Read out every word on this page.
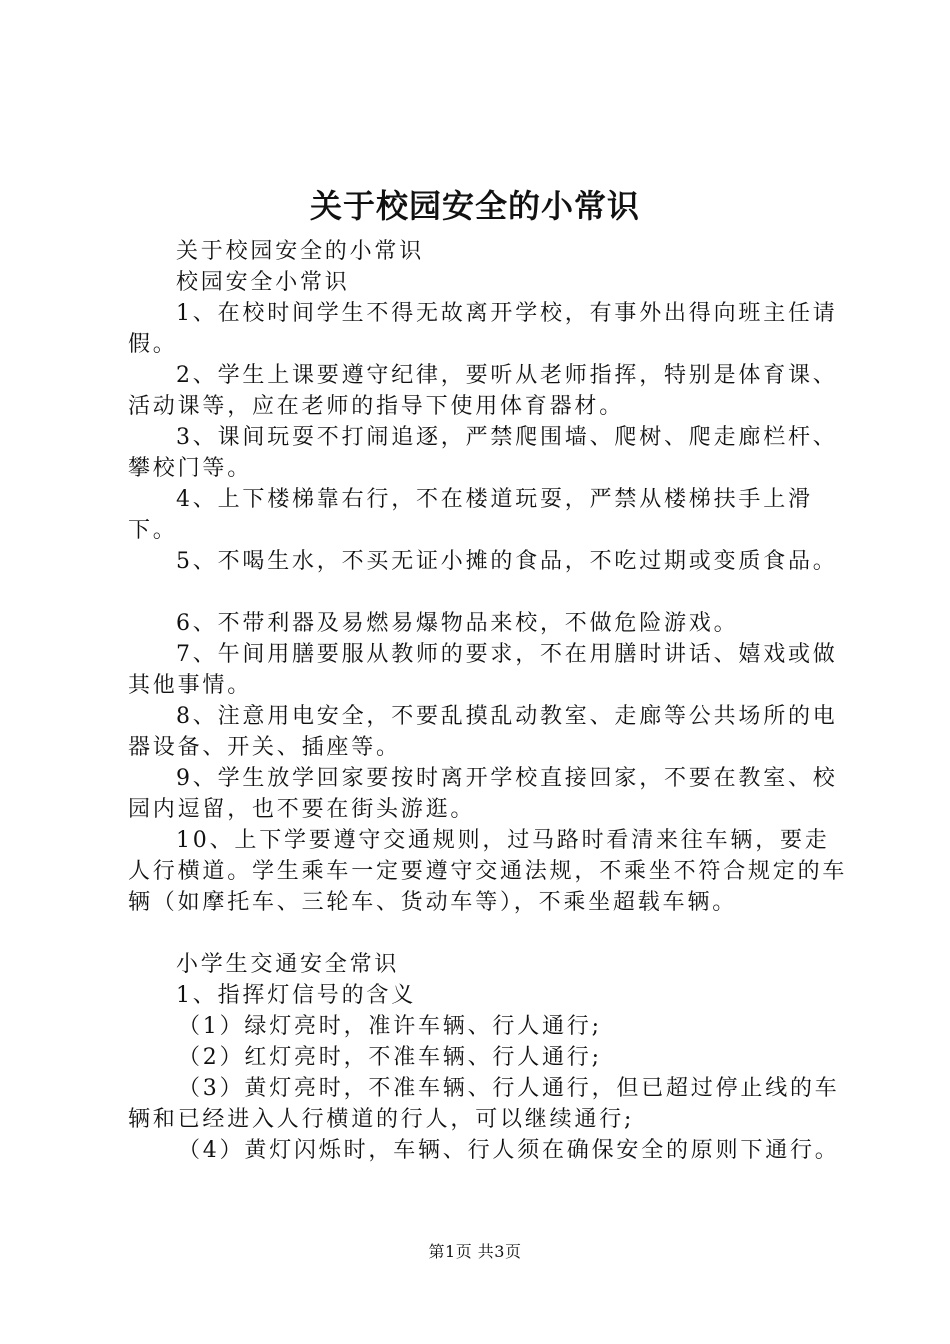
关于校园安全的小常识

关于校园安全的小常识

校园安全小常识

1、在校时间学生不得无故离开学校，有事外出得向班主任请假。

2、学生上课要遵守纪律，要听从老师指挥，特别是体育课、活动课等，应在老师的指导下使用体育器材。

3、课间玩耍不打闹追逐，严禁爬围墙、爬树、爬走廊栏杆、攀校门等。

4、上下楼梯靠右行，不在楼道玩耍，严禁从楼梯扶手上滑下。

5、不喝生水，不买无证小摊的食品，不吃过期或变质食品。

6、不带利器及易燃易爆物品来校，不做危险游戏。

7、午间用膳要服从教师的要求，不在用膳时讲话、嬉戏或做其他事情。

8、注意用电安全，不要乱摸乱动教室、走廊等公共场所的电器设备、开关、插座等。

9、学生放学回家要按时离开学校直接回家，不要在教室、校园内逗留，也不要在街头游逛。

10、上下学要遵守交通规则，过马路时看清来往车辆，要走人行横道。学生乘车一定要遵守交通法规，不乘坐不符合规定的车辆（如摩托车、三轮车、货动车等），不乘坐超载车辆。

小学生交通安全常识

1、指挥灯信号的含义

（1）绿灯亮时，准许车辆、行人通行;

（2）红灯亮时，不准车辆、行人通行;

（3）黄灯亮时，不准车辆、行人通行，但已超过停止线的车辆和已经进入人行横道的行人，可以继续通行;

（4）黄灯闪烁时，车辆、行人须在确保安全的原则下通行。

第1页 共3页
